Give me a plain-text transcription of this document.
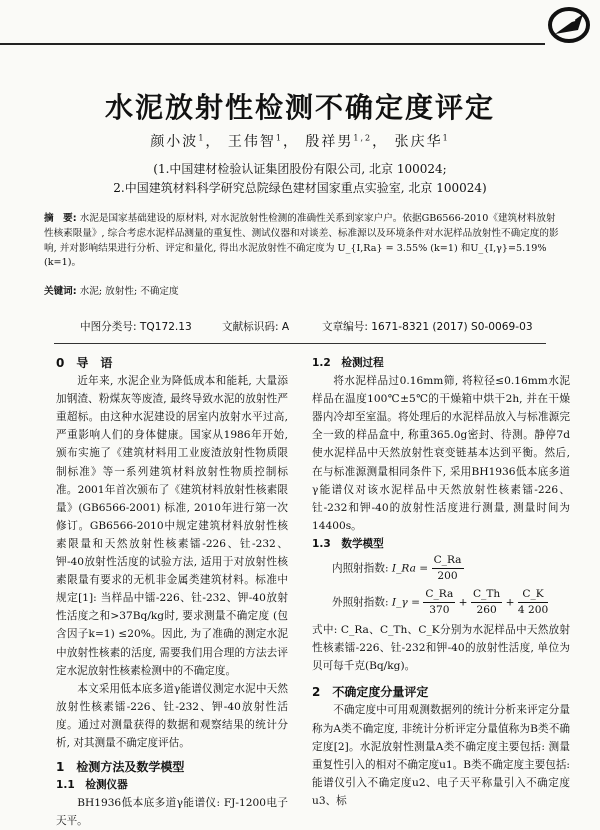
水泥放射性检测不确定度评定
颜小波$^1$， 王伟智$^1$， 殷祥男$^{1,2}$， 张庆华$^1$
(1.中国建材检验认证集团股份有限公司, 北京 100024;
2.中国建筑材料科学研究总院绿色建材国家重点实验室, 北京 100024)
摘　要: 水泥是国家基础建设的原材料, 对水泥放射性检测的准确性关系到家家户户。依据GB6566-2010《建筑材料放射性核素限量》, 综合考虑水泥样品测量的重复性、测试仪器和对谈差、标准源以及环境条件对水泥样品放射性不确定度的影响, 并对影响结果进行分析、评定和量化, 得出水泥放射性不确定度为 U_{I,Ra} = 3.55% (k=1) 和U_{I,γ}=5.19% (k=1)。
关键词: 水泥; 放射性; 不确定度
中图分类号: TQ172.13	文献标识码: A	文章编号: 1671-8321 (2017) S0-0069-03
0　导　语
近年来, 水泥企业为降低成本和能耗, 大量添加钢渣、粉煤灰等废渣, 最终导致水泥的放射性严重超标。由这种水泥建设的居室内放射水平过高, 严重影响人们的身体健康。国家从1986年开始, 颁布实施了《建筑材料用工业废渣放射性物质限制标准》等一系列建筑材料放射性物质控制标准。2001年首次颁布了《建筑材料放射性核素限量》(GB6566-2001) 标准, 2010年进行第一次修订。GB6566-2010中规定建筑材料放射性核素限量和天然放射性核素镭-226、钍-232、钾-40放射性活度的试验方法, 适用于对放射性核素限量有要求的无机非金属类建筑材料。标准中规定[1]: 当样品中镭-226、钍-232、钾-40放射性活度之和>37Bq/kg时, 要求测量不确定度 (包含因子k=1) ≤20%。因此, 为了准确的测定水泥中放射性核素的活度, 需要我们用合理的方法去评定水泥放射性核素检测中的不确定度。
本文采用低本底多道γ能谱仪测定水泥中天然放射性核素镭-226、钍-232、钾-40放射性活度。通过对测量获得的数据和观察结果的统计分析, 对其测量不确定度评估。
1　检测方法及数学模型
1.1　检测仪器
BH1936低本底多道γ能谱仪: FJ-1200电子天平。
1.2　检测过程
将水泥样品过0.16mm筛, 将粒径≤0.16mm水泥样品在温度100℃±5℃的干燥箱中烘干2h, 并在干燥器内冷却至室温。将处理后的水泥样品放入与标准源完全一致的样品盒中, 称重365.0g密封、待测。静停7d使水泥样品中天然放射性衰变链基本达到平衡。然后, 在与标准源测量相同条件下, 采用BH1936低本底多道γ能谱仪对该水泥样品中天然放射性核素镭-226、钍-232和钾-40的放射性活度进行测量, 测量时间为14400s。
1.3　数学模型
内照射指数: I_Ra = $\frac{C\_Ra}{200}$
外照射指数: I_γ = $\frac{C\_Ra}{370} + \frac{C\_Th}{260} + \frac{C\_K}{4 200}$
式中: C_Ra、C_Th、C_K分别为水泥样品中天然放射性核素镭-226、钍-232和钾-40的放射性活度, 单位为贝可每千克(Bq/kg)。
2　不确定度分量评定
不确定度中可用观测数据列的统计分析来评定分量称为A类不确定度, 非统计分析评定分量值称为B类不确定度[2]。水泥放射性测量A类不确定度主要包括: 测量重复性引入的相对不确定度u1。B类不确定度主要包括: 能谱仪引入不确定度u2、电子天平称量引入不确定度u3、标
